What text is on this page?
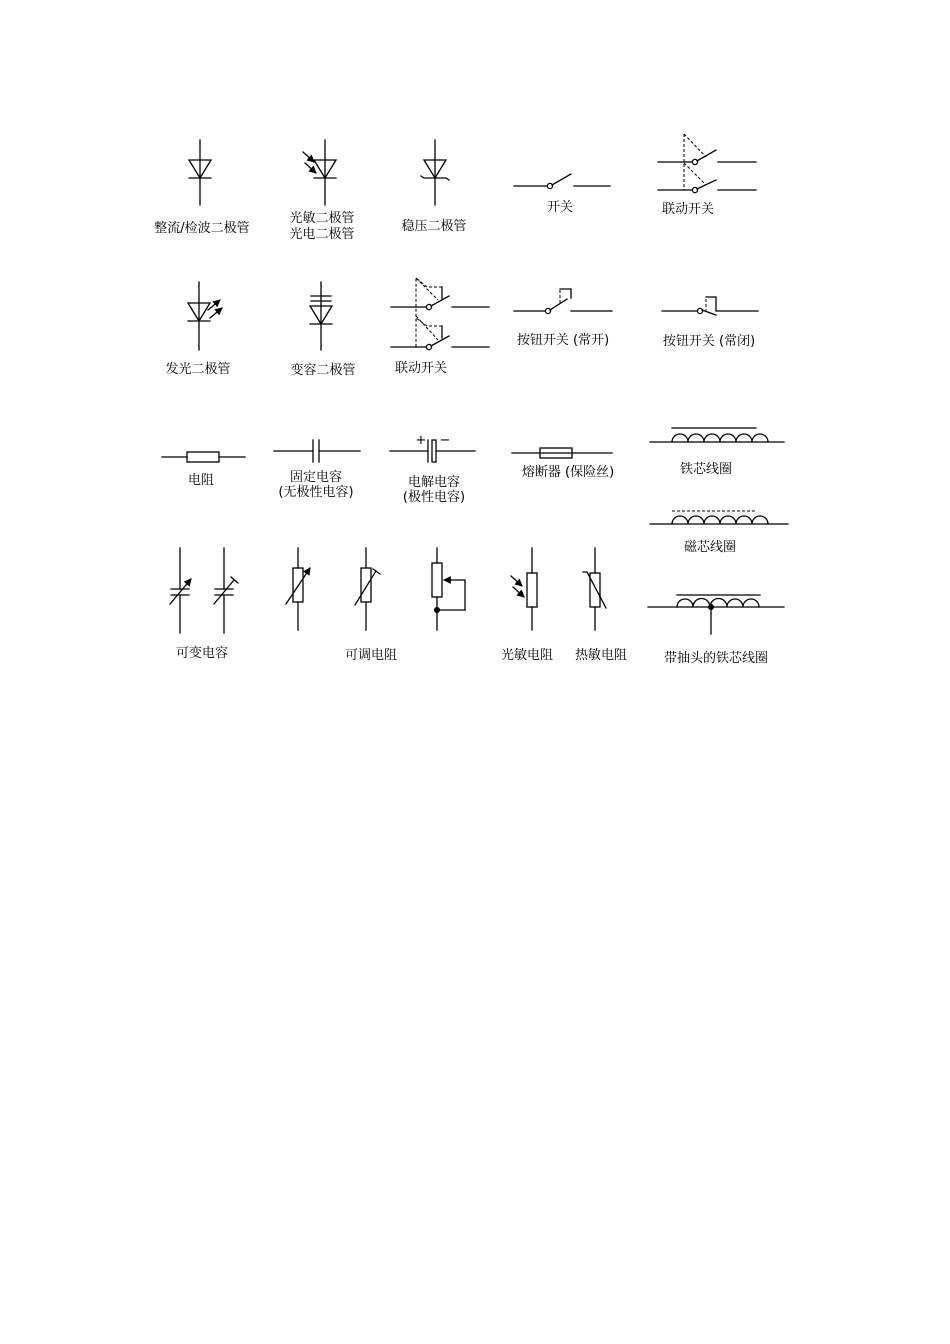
整流/检波二极管
光敏二极管
光电二极管
稳压二极管
开关	联动开关
发光二极管	变容二极管	联动开关
按钮开关 (常开)	按钮开关 (常闭)
电阻	固定电容
(无极性电容)
+ −
电解电容
(极性电容)
熔断器 (保险丝)	铁芯线圈
磁芯线圈
可变电容	可调电阻	光敏电阻 热敏电阻	带抽头的铁芯线圈
